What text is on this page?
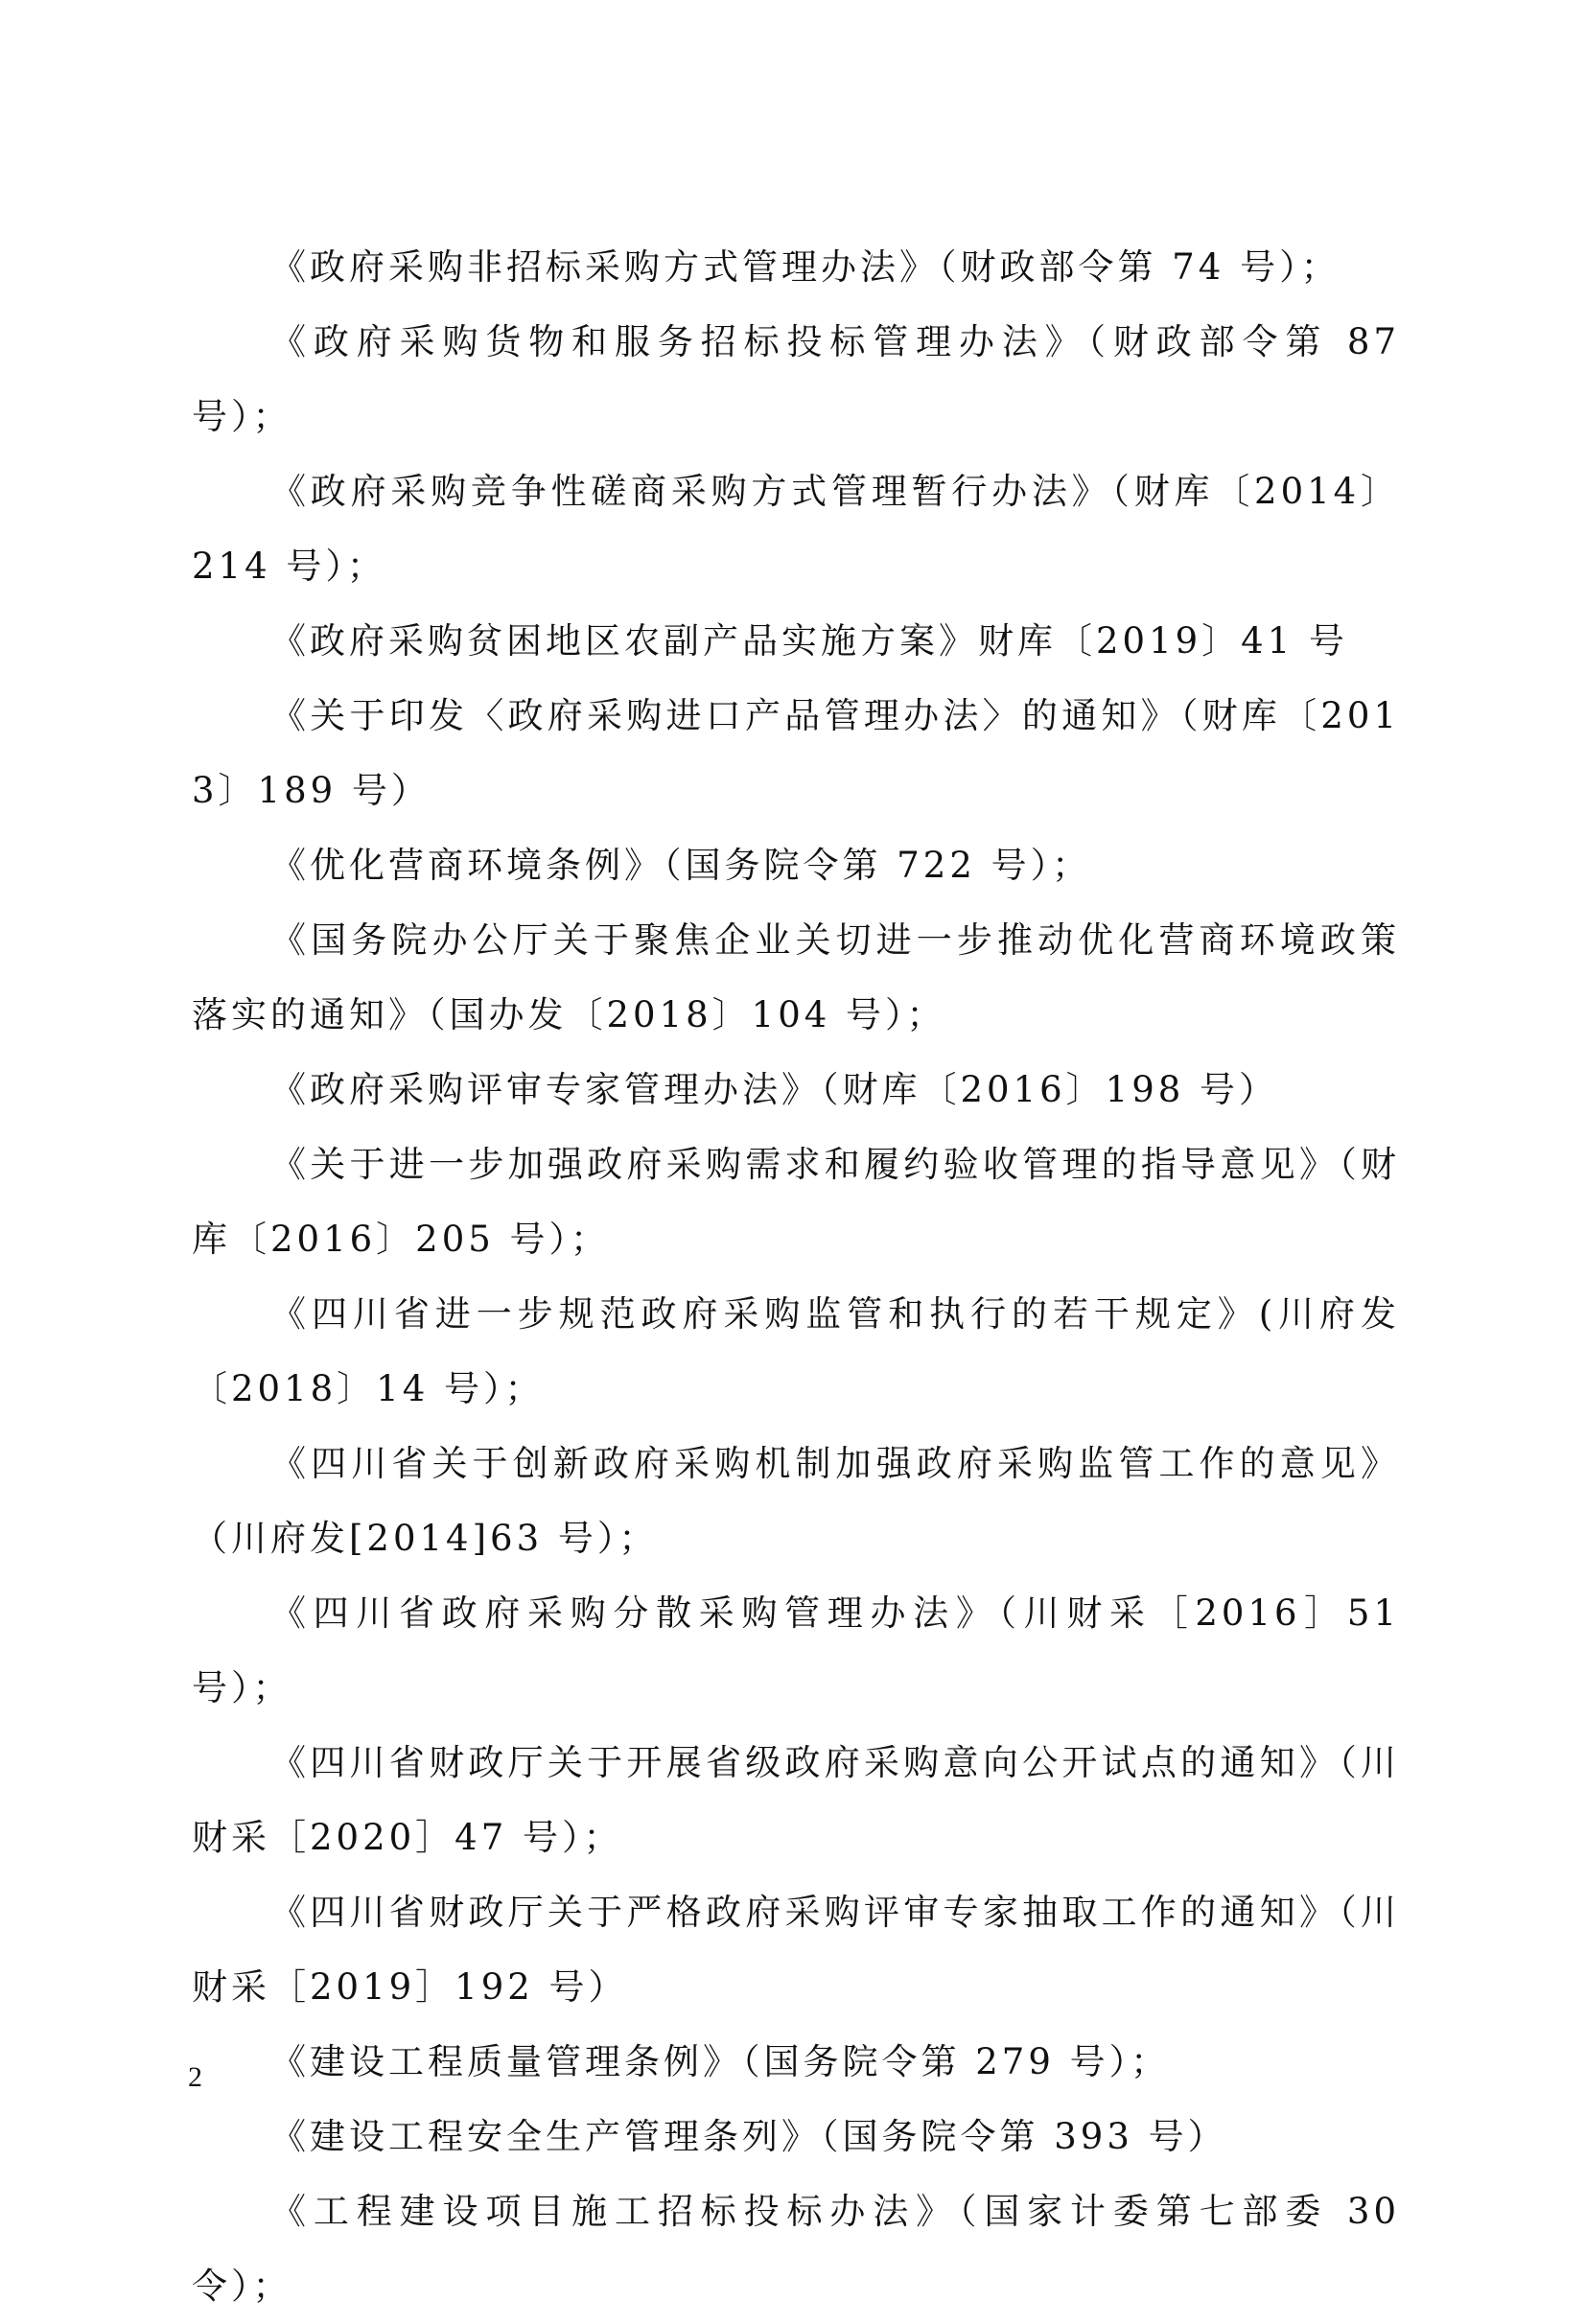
《政府采购非招标采购方式管理办法》（财政部令第 74 号）；

《政府采购货物和服务招标投标管理办法》（财政部令第 87 号）；

《政府采购竞争性磋商采购方式管理暂行办法》（财库〔2014〕214 号）；

《政府采购贫困地区农副产品实施方案》财库〔2019〕41 号

《关于印发〈政府采购进口产品管理办法〉的通知》（财库〔2013〕189 号）

《优化营商环境条例》（国务院令第 722 号）；

《国务院办公厅关于聚焦企业关切进一步推动优化营商环境政策落实的通知》（国办发〔2018〕104 号）；

《政府采购评审专家管理办法》（财库〔2016〕198 号）

《关于进一步加强政府采购需求和履约验收管理的指导意见》（财库〔2016〕205 号）；

《四川省进一步规范政府采购监管和执行的若干规定》(川府发〔2018〕14 号）；

《四川省关于创新政府采购机制加强政府采购监管工作的意见》（川府发[2014]63 号）；

《四川省政府采购分散采购管理办法》（川财采［2016］51 号）；

《四川省财政厅关于开展省级政府采购意向公开试点的通知》（川财采［2020］47 号）；

《四川省财政厅关于严格政府采购评审专家抽取工作的通知》（川财采［2019］192 号）

《建设工程质量管理条例》（国务院令第 279 号）；

《建设工程安全生产管理条列》（国务院令第 393 号）

《工程建设项目施工招标投标办法》（国家计委第七部委 30 令）；

2
